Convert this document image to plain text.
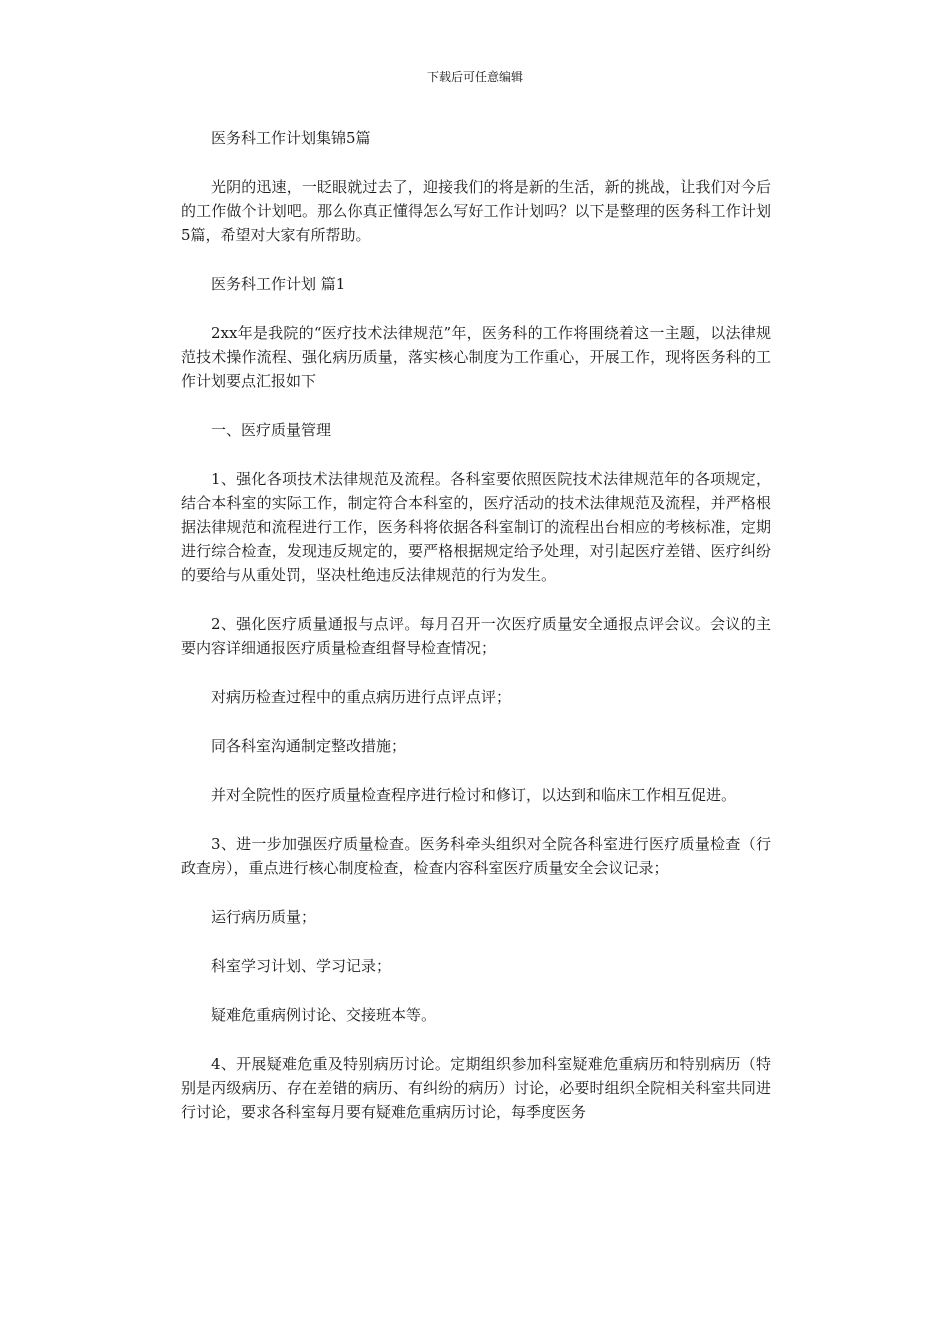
下载后可任意编辑

医务科工作计划集锦5篇

光阴的迅速，一眨眼就过去了，迎接我们的将是新的生活，新的挑战，让我们对今后的工作做个计划吧。那么你真正懂得怎么写好工作计划吗？以下是整理的医务科工作计划5篇，希望对大家有所帮助。

医务科工作计划 篇1

2xx年是我院的“医疗技术法律规范”年，医务科的工作将围绕着这一主题，以法律规范技术操作流程、强化病历质量，落实核心制度为工作重心，开展工作，现将医务科的工作计划要点汇报如下

一、医疗质量管理

1、强化各项技术法律规范及流程。各科室要依照医院技术法律规范年的各项规定，结合本科室的实际工作，制定符合本科室的，医疗活动的技术法律规范及流程，并严格根据法律规范和流程进行工作，医务科将依据各科室制订的流程出台相应的考核标准，定期进行综合检查，发现违反规定的，要严格根据规定给予处理，对引起医疗差错、医疗纠纷的要给与从重处罚，坚决杜绝违反法律规范的行为发生。

2、强化医疗质量通报与点评。每月召开一次医疗质量安全通报点评会议。会议的主要内容详细通报医疗质量检查组督导检查情况；

对病历检查过程中的重点病历进行点评点评；

同各科室沟通制定整改措施；

并对全院性的医疗质量检查程序进行检讨和修订，以达到和临床工作相互促进。

3、进一步加强医疗质量检查。医务科牵头组织对全院各科室进行医疗质量检查（行政查房），重点进行核心制度检查，检查内容科室医疗质量安全会议记录；

运行病历质量；

科室学习计划、学习记录；

疑难危重病例讨论、交接班本等。

4、开展疑难危重及特别病历讨论。定期组织参加科室疑难危重病历和特别病历（特别是丙级病历、存在差错的病历、有纠纷的病历）讨论，必要时组织全院相关科室共同进行讨论，要求各科室每月要有疑难危重病历讨论，每季度医务
